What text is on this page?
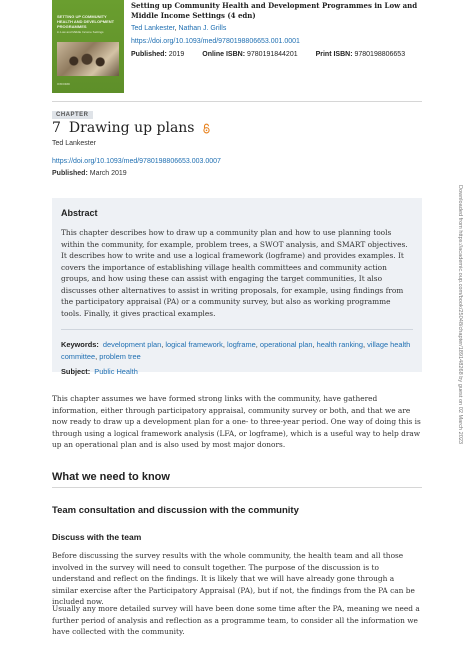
SETTING UP COMMUNITY HEALTH AND DEVELOPMENT PROGRAMMES
in Low and Middle Income Settings
OXFORD
Setting up Community Health and Development Programmes in Low and Middle Income Settings (4 edn)
Ted Lankester, Nathan J. Grills
https://doi.org/10.1093/med/9780198806653.001.0001
Published: 2019	Online ISBN: 9780191844201	Print ISBN: 9780198806653
CHAPTER
7 Drawing up plans
Ted Lankester
https://doi.org/10.1093/med/9780198806653.003.0007
Published: March 2019
Abstract

This chapter describes how to draw up a community plan and how to use planning tools within the community, for example, problem trees, a SWOT analysis, and SMART objectives. It describes how to write and use a logical framework (logframe) and provides examples. It covers the importance of establishing village health committees and community action groups, and how using these can assist with engaging the target communities, It also discusses other alternatives to assist in writing proposals, for example, using findings from the participatory appraisal (PA) or a community survey, but also as working programme tools. Finally, it gives practical examples.

Keywords: development plan, logical framework, logframe, operational plan, health ranking, village health committee, problem tree
Subject: Public Health

This chapter assumes we have formed strong links with the community, have gathered information, either through participatory appraisal, community survey or both, and that we are now ready to draw up a development plan for a one- to three-year period. One way of doing this is through using a logical framework analysis (LFA, or logframe), which is a useful way to help draw up an operational plan and is also used by most major donors.

What we need to know
Team consultation and discussion with the community
Discuss with the team

Before discussing the survey results with the whole community, the health team and all those involved in the survey will need to consult together. The purpose of the discussion is to understand and reflect on the findings. It is likely that we will have already gone through a similar exercise after the Participatory Appraisal (PA), but if not, the findings from the PA can be included now.

Usually any more detailed survey will have been done some time after the PA, meaning we need a further period of analysis and reflection as a programme team, to consider all the information we have collected with the community.

Downloaded from https://academic.oup.com/book/25048/chapter/189148268 by guest on 02 March 2023
